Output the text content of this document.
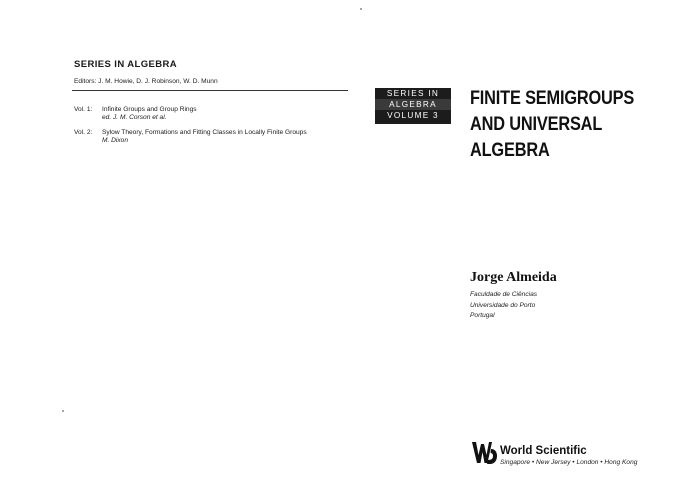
SERIES IN ALGEBRA
Editors: J. M. Howie, D. J. Robinson, W. D. Munn
Vol. 1: Infinite Groups and Group Rings
ed. J. M. Corson et al.
Vol. 2: Sylow Theory, Formations and Fitting Classes in Locally Finite Groups
M. Dixon
SERIES IN
ALGEBRA
VOLUME 3
FINITE SEMIGROUPS
AND UNIVERSAL
ALGEBRA
Jorge Almeida
Faculdade de Ciências
Universidade do Porto
Portugal
World Scientific
Singapore • New Jersey • London • Hong Kong
